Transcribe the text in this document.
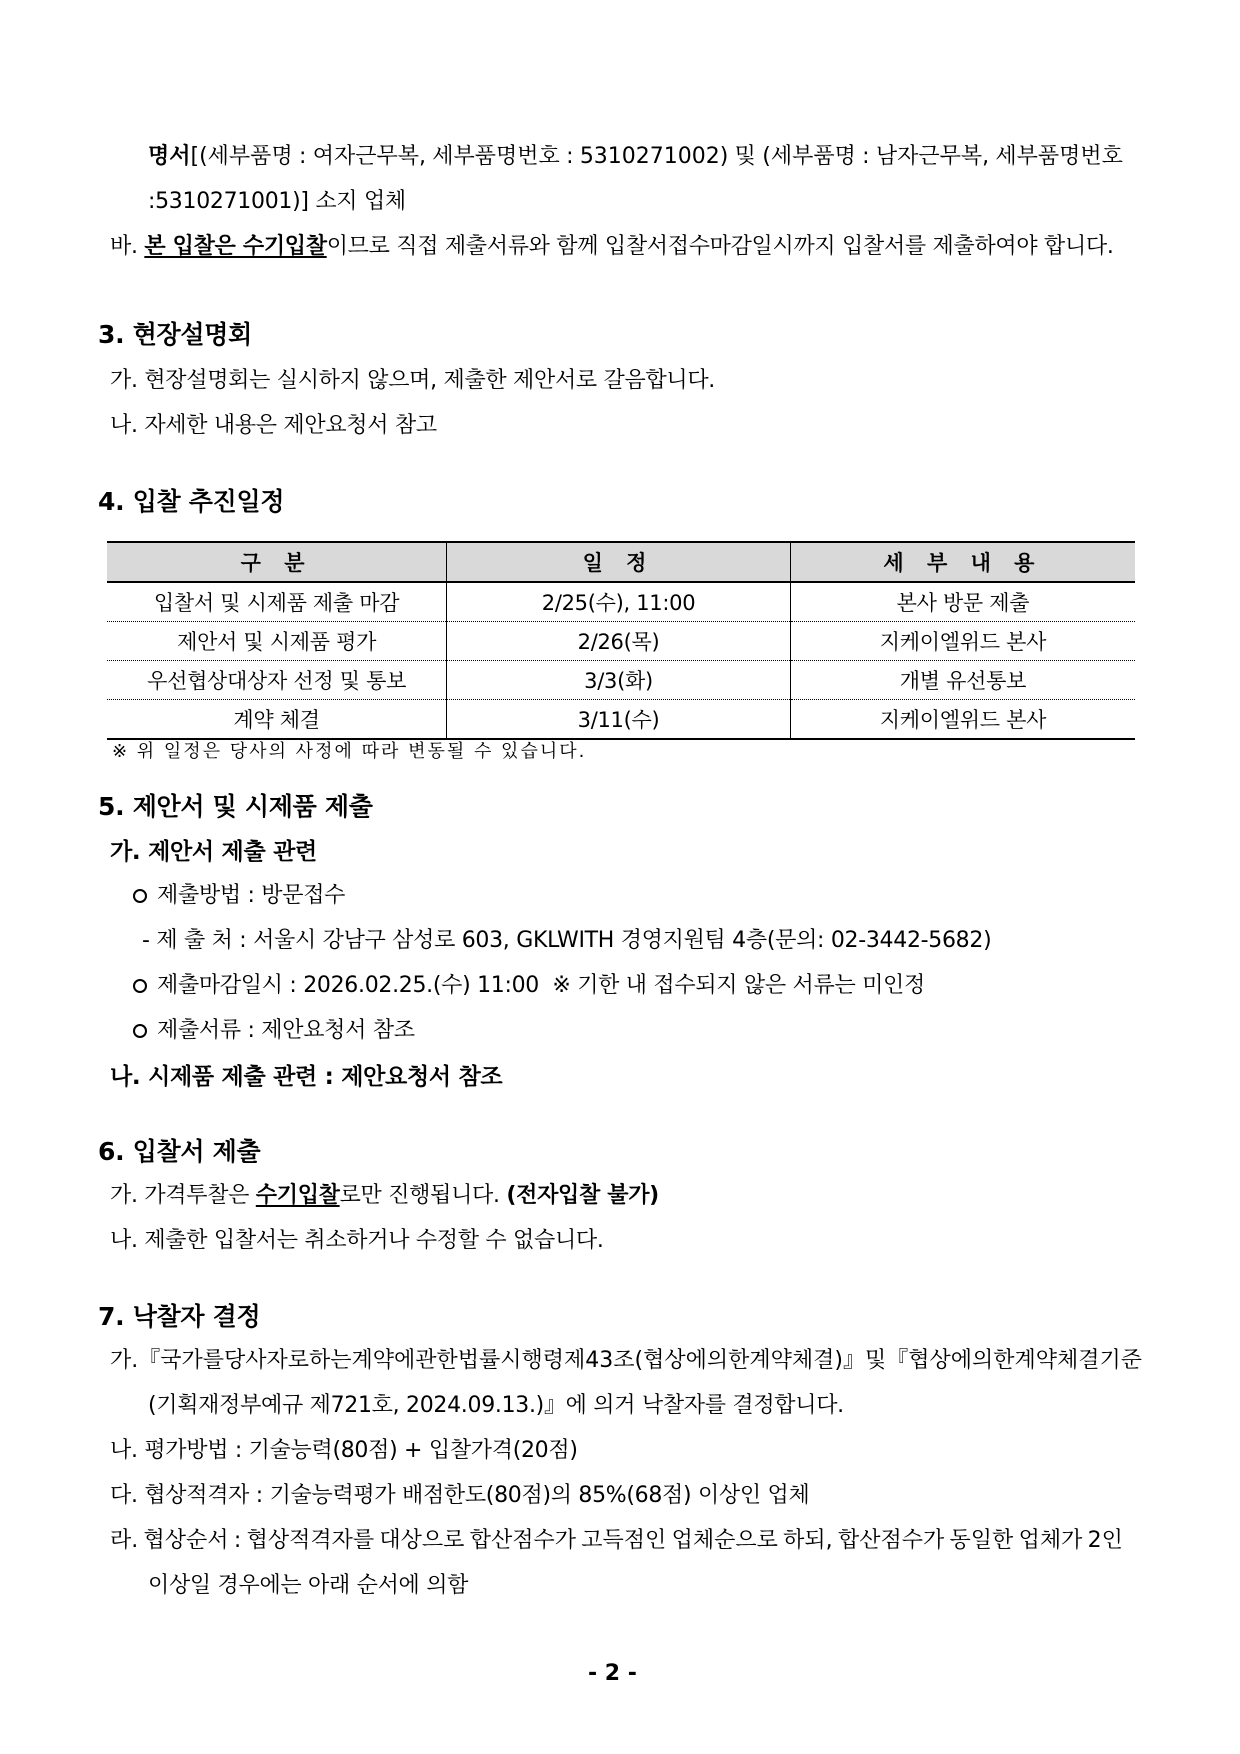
명서[(세부품명 : 여자근무복, 세부품명번호 : 5310271002) 및 (세부품명 : 남자근무복, 세부품명번호
:5310271001)] 소지 업체
바. 본 입찰은 수기입찰이므로 직접 제출서류와 함께 입찰서접수마감일시까지 입찰서를 제출하여야 합니다.
3. 현장설명회
가. 현장설명회는 실시하지 않으며, 제출한 제안서로 갈음합니다.
나. 자세한 내용은 제안요청서 참고
4. 입찰 추진일정
구 분	일 정	세 부 내 용
입찰서 및 시제품 제출 마감	2/25(수), 11:00	본사 방문 제출
제안서 및 시제품 평가	2/26(목)	지케이엘위드 본사
우선협상대상자 선정 및 통보	3/3(화)	개별 유선통보
계약 체결	3/11(수)	지케이엘위드 본사
※ 위 일정은 당사의 사정에 따라 변동될 수 있습니다.
5. 제안서 및 시제품 제출
가. 제안서 제출 관련
제출방법 : 방문접수
- 제 출 처 : 서울시 강남구 삼성로 603, GKLWITH 경영지원팀 4층(문의: 02-3442-5682)
제출마감일시 : 2026.02.25.(수) 11:00  ※ 기한 내 접수되지 않은 서류는 미인정
제출서류 : 제안요청서 참조
나. 시제품 제출 관련 : 제안요청서 참조
6. 입찰서 제출
가. 가격투찰은 수기입찰로만 진행됩니다. (전자입찰 불가)
나. 제출한 입찰서는 취소하거나 수정할 수 없습니다.
7. 낙찰자 결정
가. 『국가를당사자로하는계약에관한법률시행령 제43조(협상에 의한 계약체결)』 및 『협상에 의한 계약체결기준
(기획재정부예규 제721호, 2024.09.13.)』에 의거 낙찰자를 결정합니다.
나. 평가방법 : 기술능력(80점) + 입찰가격(20점)
다. 협상적격자 : 기술능력평가 배점한도(80점)의 85%(68점) 이상인 업체
라. 협상순서 : 협상적격자를 대상으로 합산점수가 고득점인 업체순으로 하되, 합산점수가 동일한 업체가 2인
이상일 경우에는 아래 순서에 의함
- 2 -
